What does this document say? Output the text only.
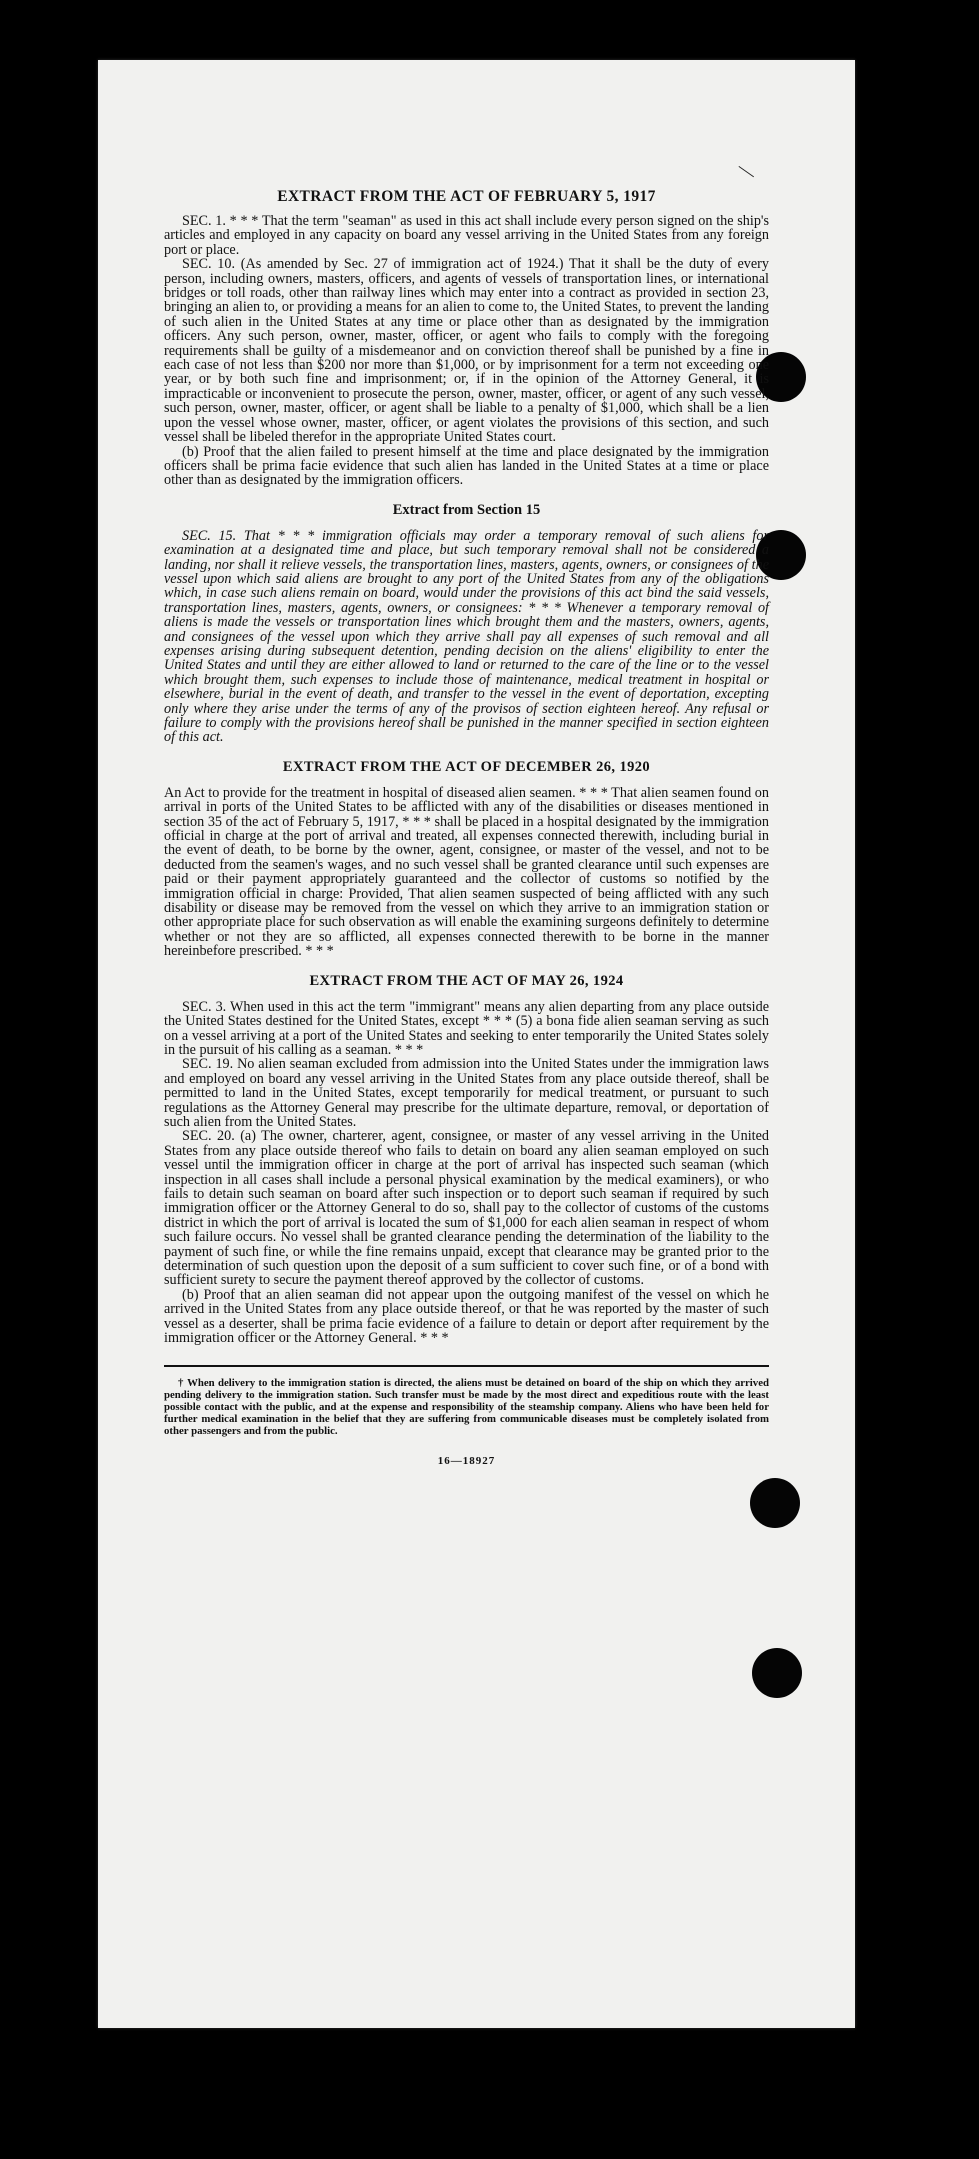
―
EXTRACT FROM THE ACT OF FEBRUARY 5, 1917

SEC. 1. * * * That the term "seaman" as used in this act shall include every person signed on the ship's articles and employed in any capacity on board any vessel arriving in the United States from any foreign port or place.

SEC. 10. (As amended by Sec. 27 of immigration act of 1924.) That it shall be the duty of every person, including owners, masters, officers, and agents of vessels of transportation lines, or international bridges or toll roads, other than railway lines which may enter into a contract as provided in section 23, bringing an alien to, or providing a means for an alien to come to, the United States, to prevent the landing of such alien in the United States at any time or place other than as designated by the immigration officers. Any such person, owner, master, officer, or agent who fails to comply with the foregoing requirements shall be guilty of a misdemeanor and on conviction thereof shall be punished by a fine in each case of not less than $200 nor more than $1,000, or by imprisonment for a term not exceeding one year, or by both such fine and imprisonment; or, if in the opinion of the Attorney General, it is impracticable or inconvenient to prosecute the person, owner, master, officer, or agent of any such vessel, such person, owner, master, officer, or agent shall be liable to a penalty of $1,000, which shall be a lien upon the vessel whose owner, master, officer, or agent violates the provisions of this section, and such vessel shall be libeled therefor in the appropriate United States court.

(b) Proof that the alien failed to present himself at the time and place designated by the immigration officers shall be prima facie evidence that such alien has landed in the United States at a time or place other than as designated by the immigration officers.

Extract from Section 15

SEC. 15. That * * * immigration officials may order a temporary removal of such aliens for examination at a designated time and place, but such temporary removal shall not be considered a landing, nor shall it relieve vessels, the transportation lines, masters, agents, owners, or consignees of the vessel upon which said aliens are brought to any port of the United States from any of the obligations which, in case such aliens remain on board, would under the provisions of this act bind the said vessels, transportation lines, masters, agents, owners, or consignees: * * * Whenever a temporary removal of aliens is made the vessels or transportation lines which brought them and the masters, owners, agents, and consignees of the vessel upon which they arrive shall pay all expenses of such removal and all expenses arising during subsequent detention, pending decision on the aliens' eligibility to enter the United States and until they are either allowed to land or returned to the care of the line or to the vessel which brought them, such expenses to include those of maintenance, medical treatment in hospital or elsewhere, burial in the event of death, and transfer to the vessel in the event of deportation, excepting only where they arise under the terms of any of the provisos of section eighteen hereof. Any refusal or failure to comply with the provisions hereof shall be punished in the manner specified in section eighteen of this act.

EXTRACT FROM THE ACT OF DECEMBER 26, 1920

An Act to provide for the treatment in hospital of diseased alien seamen. * * * That alien seamen found on arrival in ports of the United States to be afflicted with any of the disabilities or diseases mentioned in section 35 of the act of February 5, 1917, * * * shall be placed in a hospital designated by the immigration official in charge at the port of arrival and treated, all expenses connected therewith, including burial in the event of death, to be borne by the owner, agent, consignee, or master of the vessel, and not to be deducted from the seamen's wages, and no such vessel shall be granted clearance until such expenses are paid or their payment appropriately guaranteed and the collector of customs so notified by the immigration official in charge: Provided, That alien seamen suspected of being afflicted with any such disability or disease may be removed from the vessel on which they arrive to an immigration station or other appropriate place for such observation as will enable the examining surgeons definitely to determine whether or not they are so afflicted, all expenses connected therewith to be borne in the manner hereinbefore prescribed. * * *

EXTRACT FROM THE ACT OF MAY 26, 1924

SEC. 3. When used in this act the term "immigrant" means any alien departing from any place outside the United States destined for the United States, except * * * (5) a bona fide alien seaman serving as such on a vessel arriving at a port of the United States and seeking to enter temporarily the United States solely in the pursuit of his calling as a seaman. * * *

SEC. 19. No alien seaman excluded from admission into the United States under the immigration laws and employed on board any vessel arriving in the United States from any place outside thereof, shall be permitted to land in the United States, except temporarily for medical treatment, or pursuant to such regulations as the Attorney General may prescribe for the ultimate departure, removal, or deportation of such alien from the United States.

SEC. 20. (a) The owner, charterer, agent, consignee, or master of any vessel arriving in the United States from any place outside thereof who fails to detain on board any alien seaman employed on such vessel until the immigration officer in charge at the port of arrival has inspected such seaman (which inspection in all cases shall include a personal physical examination by the medical examiners), or who fails to detain such seaman on board after such inspection or to deport such seaman if required by such immigration officer or the Attorney General to do so, shall pay to the collector of customs of the customs district in which the port of arrival is located the sum of $1,000 for each alien seaman in respect of whom such failure occurs. No vessel shall be granted clearance pending the determination of the liability to the payment of such fine, or while the fine remains unpaid, except that clearance may be granted prior to the determination of such question upon the deposit of a sum sufficient to cover such fine, or of a bond with sufficient surety to secure the payment thereof approved by the collector of customs.

(b) Proof that an alien seaman did not appear upon the outgoing manifest of the vessel on which he arrived in the United States from any place outside thereof, or that he was reported by the master of such vessel as a deserter, shall be prima facie evidence of a failure to detain or deport after requirement by the immigration officer or the Attorney General. * * *

† When delivery to the immigration station is directed, the aliens must be detained on board of the ship on which they arrived pending delivery to the immigration station. Such transfer must be made by the most direct and expeditious route with the least possible contact with the public, and at the expense and responsibility of the steamship company. Aliens who have been held for further medical examination in the belief that they are suffering from communicable diseases must be completely isolated from other passengers and from the public.

16—18927
